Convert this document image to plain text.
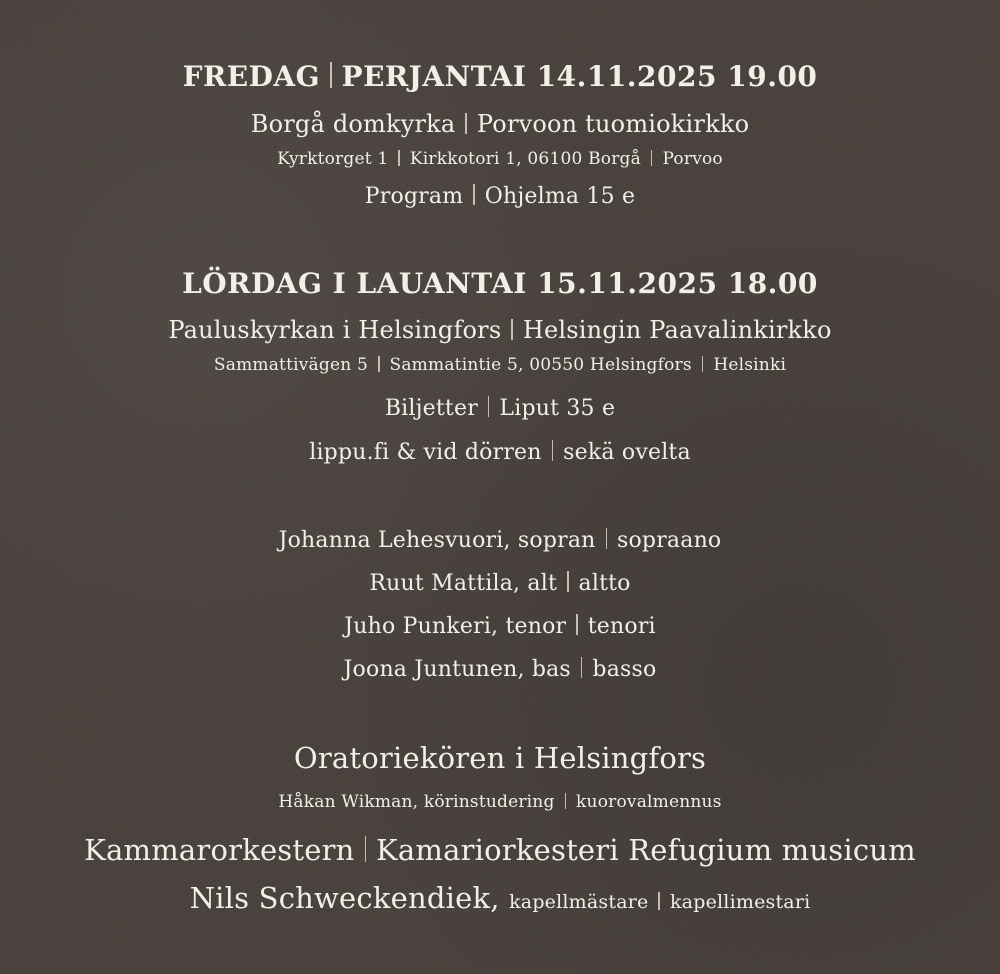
FREDAG PERJANTAI 14.11.2025 19.00
Borgå domkyrka Porvoon tuomiokirkko
Kyrktorget 1 Kirkkotori 1, 06100 Borgå Porvoo
Program Ohjelma 15 e
LÖRDAG I LAUANTAI 15.11.2025 18.00
Pauluskyrkan i Helsingfors Helsingin Paavalinkirkko
Sammattivägen 5 Sammatintie 5, 00550 Helsingfors Helsinki
Biljetter Liput 35 e
lippu.fi & vid dörren sekä ovelta
Johanna Lehesvuori, sopran sopraano
Ruut Mattila, alt altto
Juho Punkeri, tenor tenori
Joona Juntunen, bas basso
Oratoriekören i Helsingfors
Håkan Wikman, körinstudering kuorovalmennus
Kammarorkestern Kamariorkesteri Refugium musicum
Nils Schweckendiek, kapellmästare kapellimestari
